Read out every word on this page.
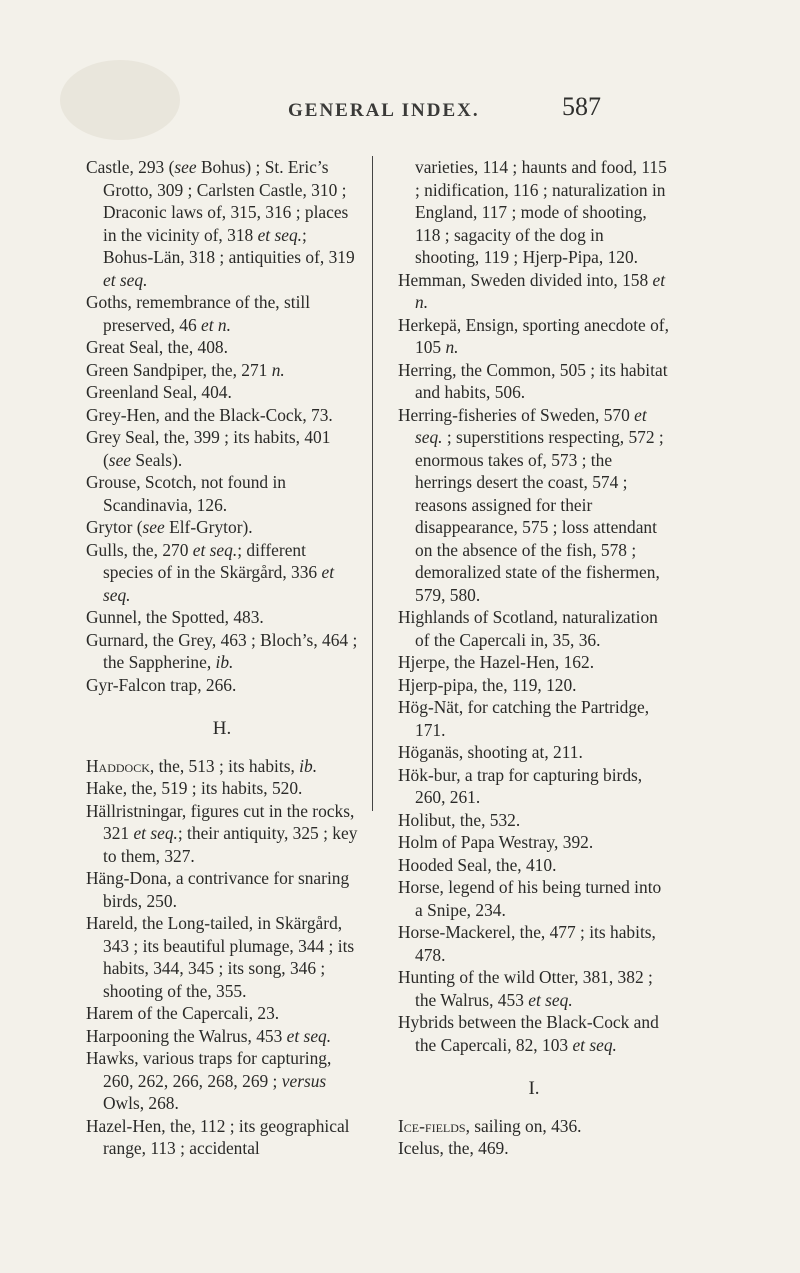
GENERAL INDEX.	587

Castle, 293 (see Bohus) ; St. Eric’s Grotto, 309 ; Carlsten Castle, 310 ; Draconic laws of, 315, 316 ; places in the vicinity of, 318 et seq.; Bohus-Län, 318 ; antiquities of, 319 et seq.

Goths, remembrance of the, still preserved, 46 et n.

Great Seal, the, 408.

Green Sandpiper, the, 271 n.

Greenland Seal, 404.

Grey-Hen, and the Black-Cock, 73.

Grey Seal, the, 399 ; its habits, 401 (see Seals).

Grouse, Scotch, not found in Scandinavia, 126.

Grytor (see Elf-Grytor).

Gulls, the, 270 et seq.; different species of in the Skärgård, 336 et seq.

Gunnel, the Spotted, 483.

Gurnard, the Grey, 463 ; Bloch’s, 464 ; the Sappherine, ib.

Gyr-Falcon trap, 266.

H.

Haddock, the, 513 ; its habits, ib.

Hake, the, 519 ; its habits, 520.

Hällristningar, figures cut in the rocks, 321 et seq.; their antiquity, 325 ; key to them, 327.

Häng-Dona, a contrivance for snaring birds, 250.

Hareld, the Long-tailed, in Skärgård, 343 ; its beautiful plumage, 344 ; its habits, 344, 345 ; its song, 346 ; shooting of the, 355.

Harem of the Capercali, 23.

Harpooning the Walrus, 453 et seq.

Hawks, various traps for capturing, 260, 262, 266, 268, 269 ; versus Owls, 268.

Hazel-Hen, the, 112 ; its geographical range, 113 ; accidental

varieties, 114 ; haunts and food, 115 ; nidification, 116 ; naturalization in England, 117 ; mode of shooting, 118 ; sagacity of the dog in shooting, 119 ; Hjerp-Pipa, 120.

Hemman, Sweden divided into, 158 et n.

Herkepä, Ensign, sporting anecdote of, 105 n.

Herring, the Common, 505 ; its habitat and habits, 506.

Herring-fisheries of Sweden, 570 et seq. ; superstitions respecting, 572 ; enormous takes of, 573 ; the herrings desert the coast, 574 ; reasons assigned for their disappearance, 575 ; loss attendant on the absence of the fish, 578 ; demoralized state of the fishermen, 579, 580.

Highlands of Scotland, naturalization of the Capercali in, 35, 36.

Hjerpe, the Hazel-Hen, 162.

Hjerp-pipa, the, 119, 120.

Hög-Nät, for catching the Partridge, 171.

Höganäs, shooting at, 211.

Hök-bur, a trap for capturing birds, 260, 261.

Holibut, the, 532.

Holm of Papa Westray, 392.

Hooded Seal, the, 410.

Horse, legend of his being turned into a Snipe, 234.

Horse-Mackerel, the, 477 ; its habits, 478.

Hunting of the wild Otter, 381, 382 ; the Walrus, 453 et seq.

Hybrids between the Black-Cock and the Capercali, 82, 103 et seq.

I.

Ice-fields, sailing on, 436.

Icelus, the, 469.
